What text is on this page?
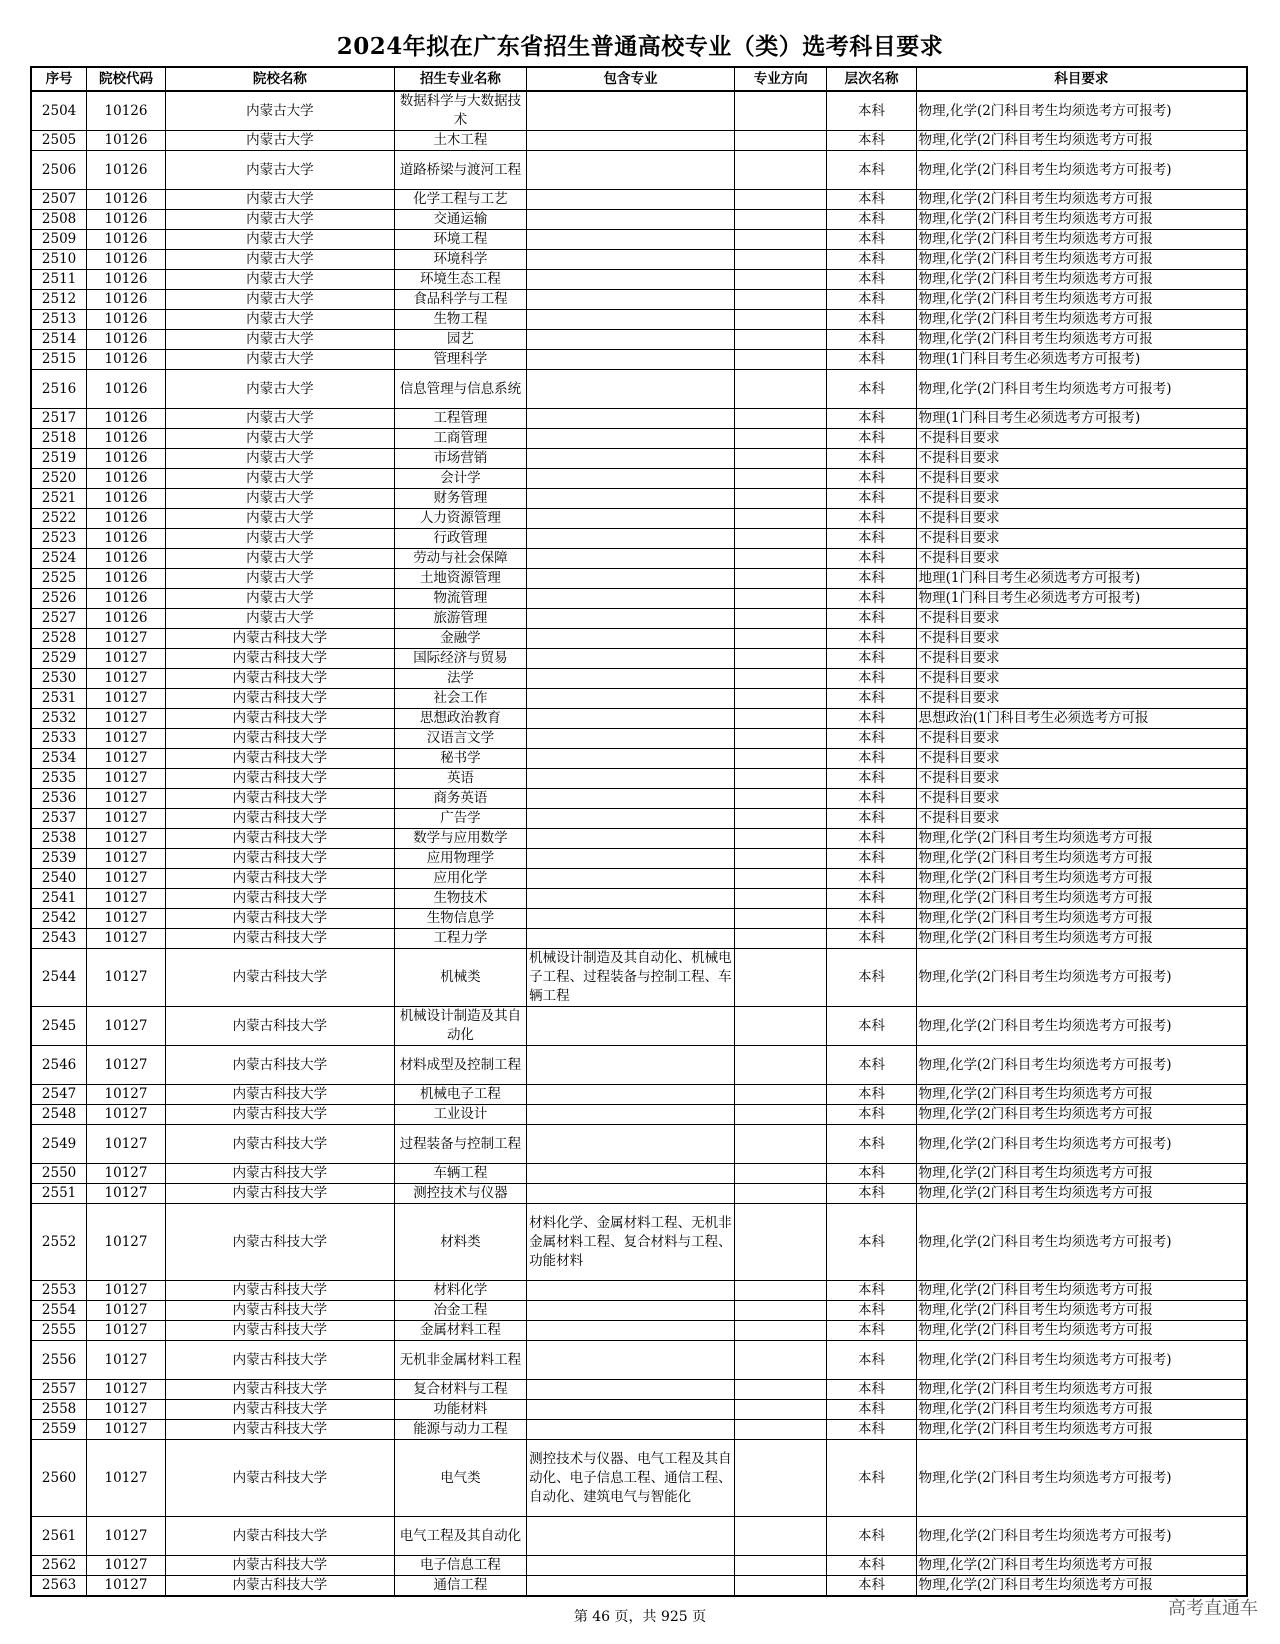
2024年拟在广东省招生普通高校专业（类）选考科目要求
序号	院校代码	院校名称	招生专业名称	包含专业	专业方向	层次名称	科目要求
2504	10126	内蒙古大学	数据科学与大数据技术			本科	物理,化学(2门科目考生均须选考方可报考)
2505	10126	内蒙古大学	土木工程			本科	物理,化学(2门科目考生均须选考方可报
2506	10126	内蒙古大学	道路桥梁与渡河工程			本科	物理,化学(2门科目考生均须选考方可报考)
2507	10126	内蒙古大学	化学工程与工艺			本科	物理,化学(2门科目考生均须选考方可报
2508	10126	内蒙古大学	交通运输			本科	物理,化学(2门科目考生均须选考方可报
2509	10126	内蒙古大学	环境工程			本科	物理,化学(2门科目考生均须选考方可报
2510	10126	内蒙古大学	环境科学			本科	物理,化学(2门科目考生均须选考方可报
2511	10126	内蒙古大学	环境生态工程			本科	物理,化学(2门科目考生均须选考方可报
2512	10126	内蒙古大学	食品科学与工程			本科	物理,化学(2门科目考生均须选考方可报
2513	10126	内蒙古大学	生物工程			本科	物理,化学(2门科目考生均须选考方可报
2514	10126	内蒙古大学	园艺			本科	物理,化学(2门科目考生均须选考方可报
2515	10126	内蒙古大学	管理科学			本科	物理(1门科目考生必须选考方可报考)
2516	10126	内蒙古大学	信息管理与信息系统			本科	物理,化学(2门科目考生均须选考方可报考)
2517	10126	内蒙古大学	工程管理			本科	物理(1门科目考生必须选考方可报考)
2518	10126	内蒙古大学	工商管理			本科	不提科目要求
2519	10126	内蒙古大学	市场营销			本科	不提科目要求
2520	10126	内蒙古大学	会计学			本科	不提科目要求
2521	10126	内蒙古大学	财务管理			本科	不提科目要求
2522	10126	内蒙古大学	人力资源管理			本科	不提科目要求
2523	10126	内蒙古大学	行政管理			本科	不提科目要求
2524	10126	内蒙古大学	劳动与社会保障			本科	不提科目要求
2525	10126	内蒙古大学	土地资源管理			本科	地理(1门科目考生必须选考方可报考)
2526	10126	内蒙古大学	物流管理			本科	物理(1门科目考生必须选考方可报考)
2527	10126	内蒙古大学	旅游管理			本科	不提科目要求
2528	10127	内蒙古科技大学	金融学			本科	不提科目要求
2529	10127	内蒙古科技大学	国际经济与贸易			本科	不提科目要求
2530	10127	内蒙古科技大学	法学			本科	不提科目要求
2531	10127	内蒙古科技大学	社会工作			本科	不提科目要求
2532	10127	内蒙古科技大学	思想政治教育			本科	思想政治(1门科目考生必须选考方可报
2533	10127	内蒙古科技大学	汉语言文学			本科	不提科目要求
2534	10127	内蒙古科技大学	秘书学			本科	不提科目要求
2535	10127	内蒙古科技大学	英语			本科	不提科目要求
2536	10127	内蒙古科技大学	商务英语			本科	不提科目要求
2537	10127	内蒙古科技大学	广告学			本科	不提科目要求
2538	10127	内蒙古科技大学	数学与应用数学			本科	物理,化学(2门科目考生均须选考方可报
2539	10127	内蒙古科技大学	应用物理学			本科	物理,化学(2门科目考生均须选考方可报
2540	10127	内蒙古科技大学	应用化学			本科	物理,化学(2门科目考生均须选考方可报
2541	10127	内蒙古科技大学	生物技术			本科	物理,化学(2门科目考生均须选考方可报
2542	10127	内蒙古科技大学	生物信息学			本科	物理,化学(2门科目考生均须选考方可报
2543	10127	内蒙古科技大学	工程力学			本科	物理,化学(2门科目考生均须选考方可报
2544	10127	内蒙古科技大学	机械类	机械设计制造及其自动化、机械电子工程、过程装备与控制工程、车辆工程		本科	物理,化学(2门科目考生均须选考方可报考)
2545	10127	内蒙古科技大学	机械设计制造及其自动化			本科	物理,化学(2门科目考生均须选考方可报考)
2546	10127	内蒙古科技大学	材料成型及控制工程			本科	物理,化学(2门科目考生均须选考方可报考)
2547	10127	内蒙古科技大学	机械电子工程			本科	物理,化学(2门科目考生均须选考方可报
2548	10127	内蒙古科技大学	工业设计			本科	物理,化学(2门科目考生均须选考方可报
2549	10127	内蒙古科技大学	过程装备与控制工程			本科	物理,化学(2门科目考生均须选考方可报考)
2550	10127	内蒙古科技大学	车辆工程			本科	物理,化学(2门科目考生均须选考方可报
2551	10127	内蒙古科技大学	测控技术与仪器			本科	物理,化学(2门科目考生均须选考方可报
2552	10127	内蒙古科技大学	材料类	材料化学、金属材料工程、无机非金属材料工程、复合材料与工程、功能材料		本科	物理,化学(2门科目考生均须选考方可报考)
2553	10127	内蒙古科技大学	材料化学			本科	物理,化学(2门科目考生均须选考方可报
2554	10127	内蒙古科技大学	冶金工程			本科	物理,化学(2门科目考生均须选考方可报
2555	10127	内蒙古科技大学	金属材料工程			本科	物理,化学(2门科目考生均须选考方可报
2556	10127	内蒙古科技大学	无机非金属材料工程			本科	物理,化学(2门科目考生均须选考方可报考)
2557	10127	内蒙古科技大学	复合材料与工程			本科	物理,化学(2门科目考生均须选考方可报
2558	10127	内蒙古科技大学	功能材料			本科	物理,化学(2门科目考生均须选考方可报
2559	10127	内蒙古科技大学	能源与动力工程			本科	物理,化学(2门科目考生均须选考方可报
2560	10127	内蒙古科技大学	电气类	测控技术与仪器、电气工程及其自动化、电子信息工程、通信工程、自动化、建筑电气与智能化		本科	物理,化学(2门科目考生均须选考方可报考)
2561	10127	内蒙古科技大学	电气工程及其自动化			本科	物理,化学(2门科目考生均须选考方可报考)
2562	10127	内蒙古科技大学	电子信息工程			本科	物理,化学(2门科目考生均须选考方可报
2563	10127	内蒙古科技大学	通信工程			本科	物理,化学(2门科目考生均须选考方可报
第 46 页，共 925 页	高考直通车
